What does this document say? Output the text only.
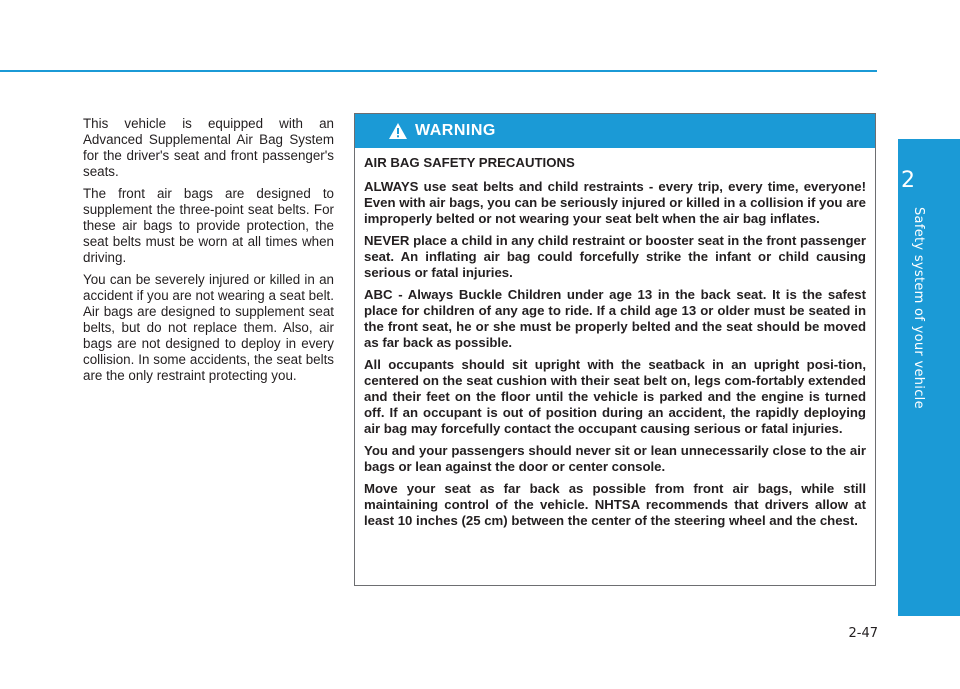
2
Safety system of your vehicle

This vehicle is equipped with an Advanced Supplemental Air Bag System for the driver's seat and front passenger's seats.

The front air bags are designed to supplement the three-point seat belts. For these air bags to provide protection, the seat belts must be worn at all times when driving.

You can be severely injured or killed in an accident if you are not wearing a seat belt. Air bags are designed to supplement seat belts, but do not replace them. Also, air bags are not designed to deploy in every collision. In some accidents, the seat belts are the only restraint protecting you.

WARNING

AIR BAG SAFETY PRECAUTIONS

ALWAYS use seat belts and child restraints - every trip, every time, everyone! Even with air bags, you can be seriously injured or killed in a collision if you are improperly belted or not wearing your seat belt when the air bag inflates.

NEVER place a child in any child restraint or booster seat in the front passenger seat. An inflating air bag could forcefully strike the infant or child causing serious or fatal injuries.

ABC - Always Buckle Children under age 13 in the back seat. It is the safest place for children of any age to ride. If a child age 13 or older must be seated in the front seat, he or she must be properly belted and the seat should be moved as far back as possible.

All occupants should sit upright with the seatback in an upright posi-tion, centered on the seat cushion with their seat belt on, legs com-fortably extended and their feet on the floor until the vehicle is parked and the engine is turned off. If an occupant is out of position during an accident, the rapidly deploying air bag may forcefully contact the occupant causing serious or fatal injuries.

You and your passengers should never sit or lean unnecessarily close to the air bags or lean against the door or center console.

Move your seat as far back as possible from front air bags, while still maintaining control of the vehicle. NHTSA recommends that drivers allow at least 10 inches (25 cm) between the center of the steering wheel and the chest.

2-47
